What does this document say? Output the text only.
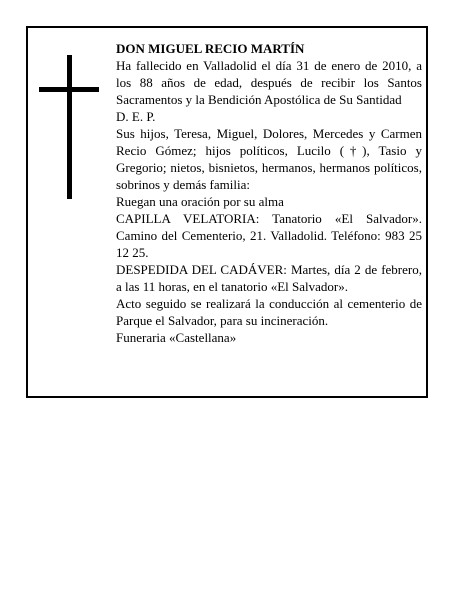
DON MIGUEL RECIO MARTÍN

Ha fallecido en Valladolid el día 31 de enero de 2010, a los 88 años de edad, después de recibir los Santos Sacramentos y la Bendición Apostólica de Su Santidad

D. E. P.

Sus hijos, Teresa, Miguel, Dolores, Mercedes y Carmen Recio Gómez; hijos políticos, Lucilo (†), Tasio y Gregorio; nietos, bisnietos, hermanos, hermanos políticos, sobrinos y demás familia:

Ruegan una oración por su alma

CAPILLA VELATORIA: Tanatorio «El Salvador». Camino del Cementerio, 21. Valladolid. Teléfono: 983 25 12 25.

DESPEDIDA DEL CADÁVER: Martes, día 2 de febrero, a las 11 horas, en el tanatorio «El Salvador».

Acto seguido se realizará la conducción al cementerio de Parque el Salvador, para su incineración.

Funeraria «Castellana»
